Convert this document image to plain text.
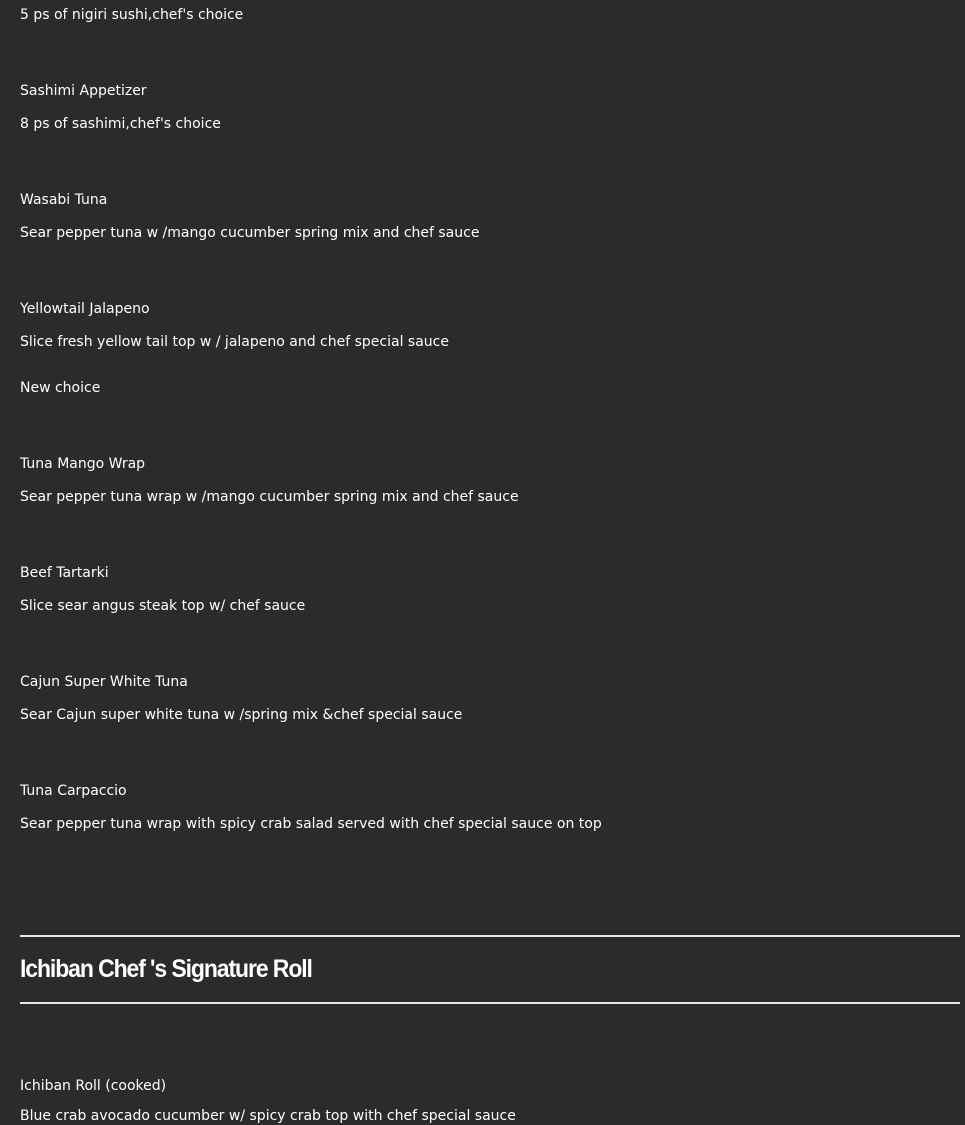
5 ps of nigiri sushi,chef's choice
Sashimi Appetizer
8 ps of sashimi,chef's choice
Wasabi Tuna
Sear pepper tuna w /mango cucumber spring mix and chef sauce
Yellowtail Jalapeno
Slice fresh yellow tail top w / jalapeno and chef special sauce
New choice
Tuna Mango Wrap
Sear pepper tuna wrap w /mango cucumber spring mix and chef sauce
Beef Tartarki
Slice sear angus steak top w/ chef sauce
Cajun Super White Tuna
Sear Cajun super white tuna w /spring mix &chef special sauce
Tuna Carpaccio
Sear pepper tuna wrap with spicy crab salad served with chef special sauce on top
Ichiban Chef 's Signature Roll
Ichiban Roll (cooked)
Blue crab avocado cucumber w/ spicy crab top with chef special sauce
